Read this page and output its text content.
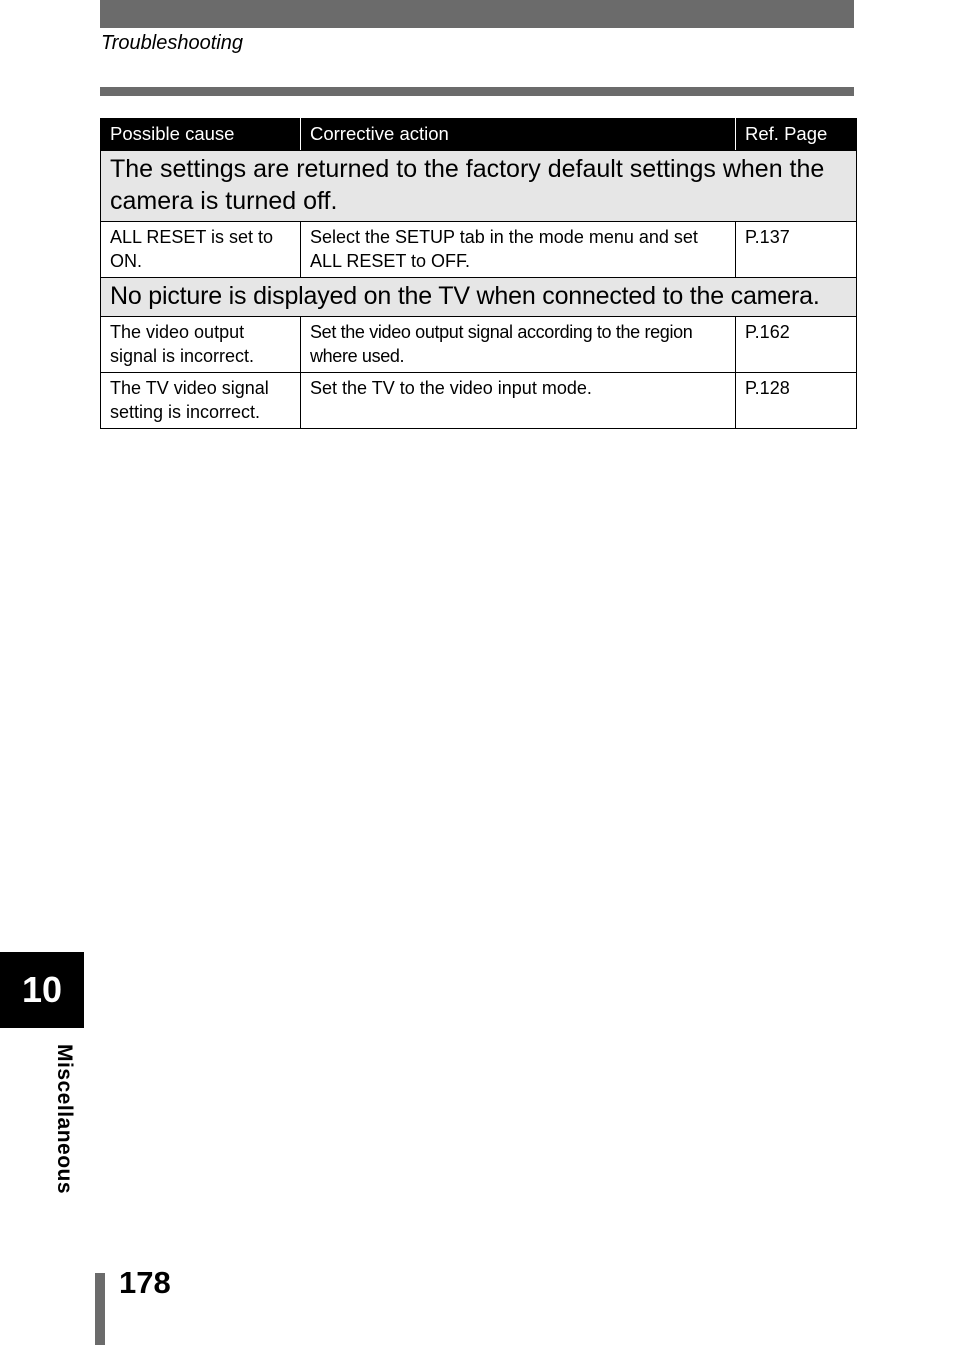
Troubleshooting
Possible cause	Corrective action	Ref. Page
The settings are returned to the factory default settings when the camera is turned off.		
ALL RESET is set to ON.	Select the SETUP tab in the mode menu and set ALL RESET to OFF.	P.137
No picture is displayed on the TV when connected to the camera.		
The video output signal is incorrect.	Set the video output signal according to the region where used.	P.162
The TV video signal setting is incorrect.	Set the TV to the video input mode.	P.128
10
Miscellaneous
178
